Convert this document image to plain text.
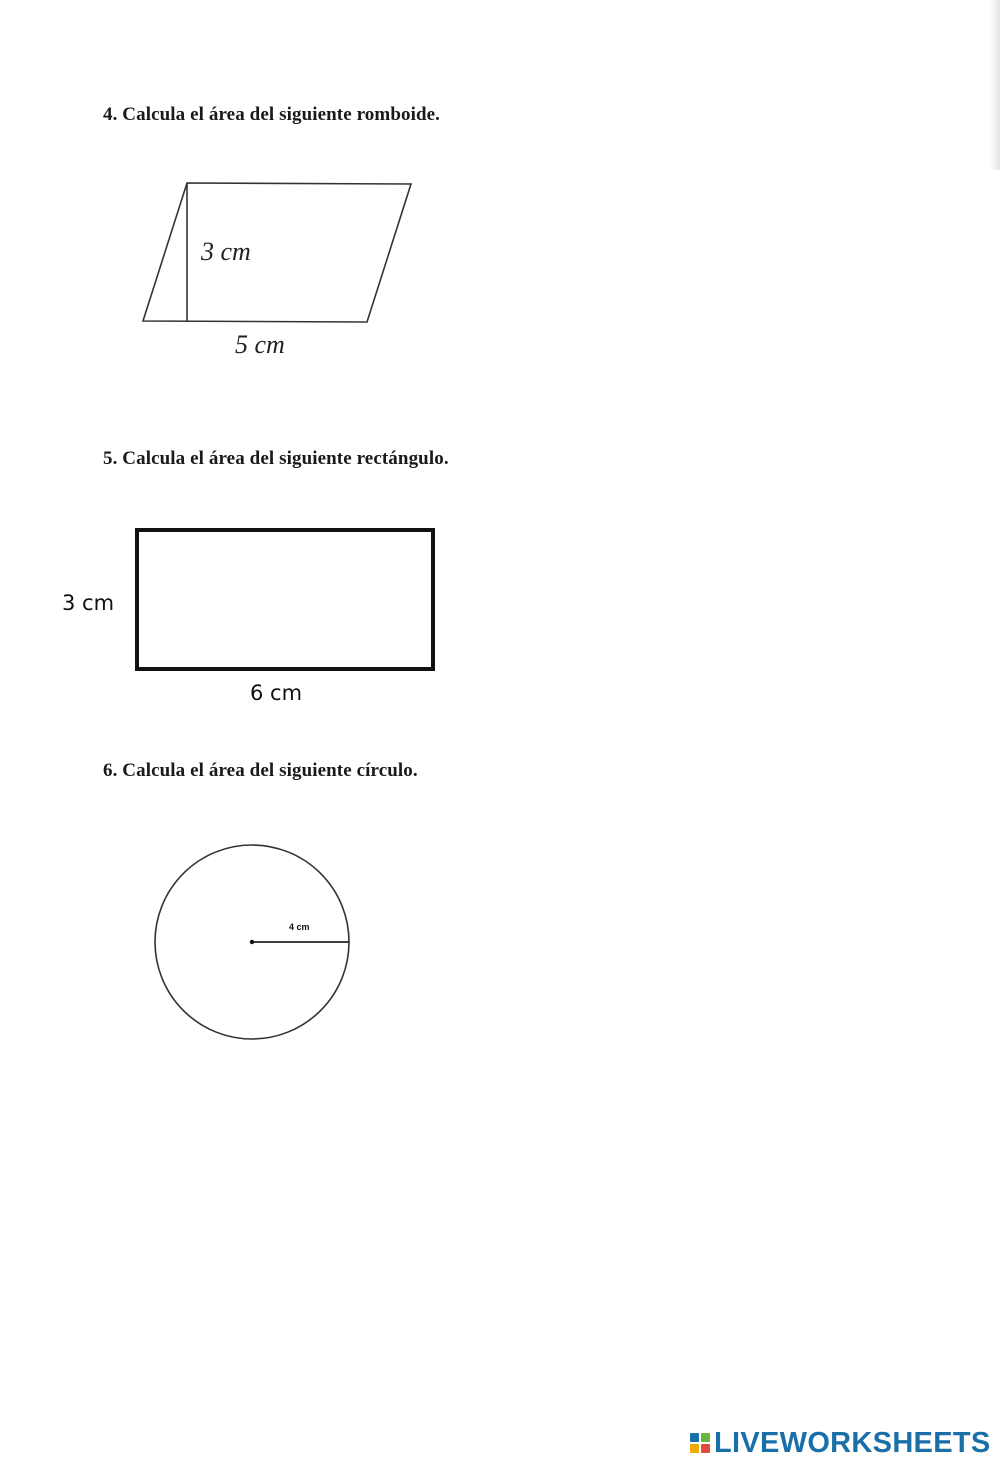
4. Calcula el área del siguiente romboide.

3 cm
5 cm
3 cm
6 cm
4 cm

5. Calcula el área del siguiente rectángulo.

6. Calcula el área del siguiente círculo.

LIVEWORKSHEETS
